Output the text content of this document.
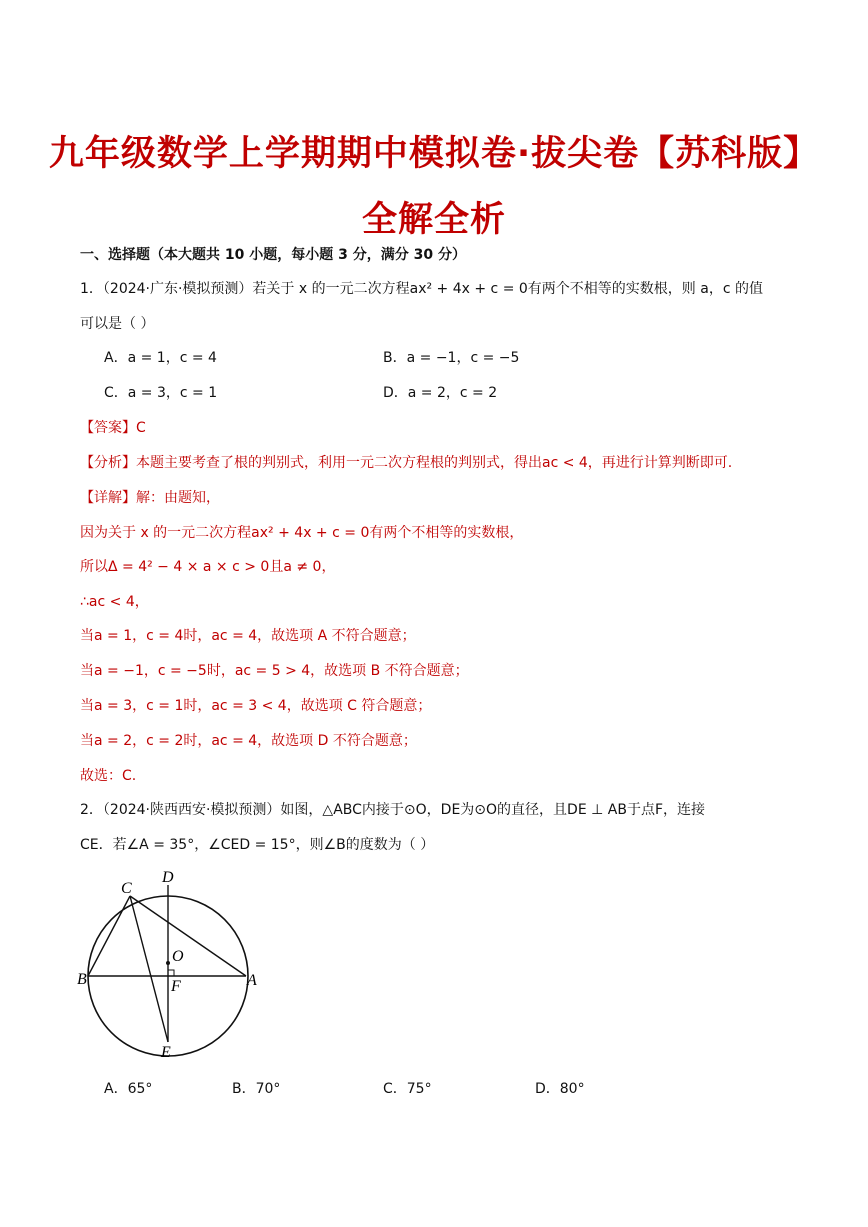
九年级数学上学期期中模拟卷·拔尖卷【苏科版】
全解全析
一、选择题（本大题共 10 小题，每小题 3 分，满分 30 分）
1．（2024·广东·模拟预测）若关于 x 的一元二次方程ax² + 4x + c = 0有两个不相等的实数根，则 a，c 的值
可以是（ ）
A．a = 1，c = 4	B．a = −1，c = −5
C．a = 3，c = 1	D．a = 2，c = 2
【答案】C
【分析】本题主要考查了根的判别式，利用一元二次方程根的判别式，得出ac < 4，再进行计算判断即可.
【详解】解：由题知，
因为关于 x 的一元二次方程ax² + 4x + c = 0有两个不相等的实数根，
所以Δ = 4² − 4 × a × c > 0且a ≠ 0，
∴ac < 4，
当a = 1，c = 4时，ac = 4，故选项 A 不符合题意；
当a = −1，c = −5时，ac = 5 > 4，故选项 B 不符合题意；
当a = 3，c = 1时，ac = 3 < 4，故选项 C 符合题意；
当a = 2，c = 2时，ac = 4，故选项 D 不符合题意；
故选：C.
2．（2024·陕西西安·模拟预测）如图，△ABC内接于⊙O，DE为⊙O的直径，且DE ⊥ AB于点F，连接
CE．若∠A = 35°，∠CED = 15°，则∠B的度数为（ ）
C
D
O
B	F	A
E
A．65°	B．70°	C．75°	D．80°
